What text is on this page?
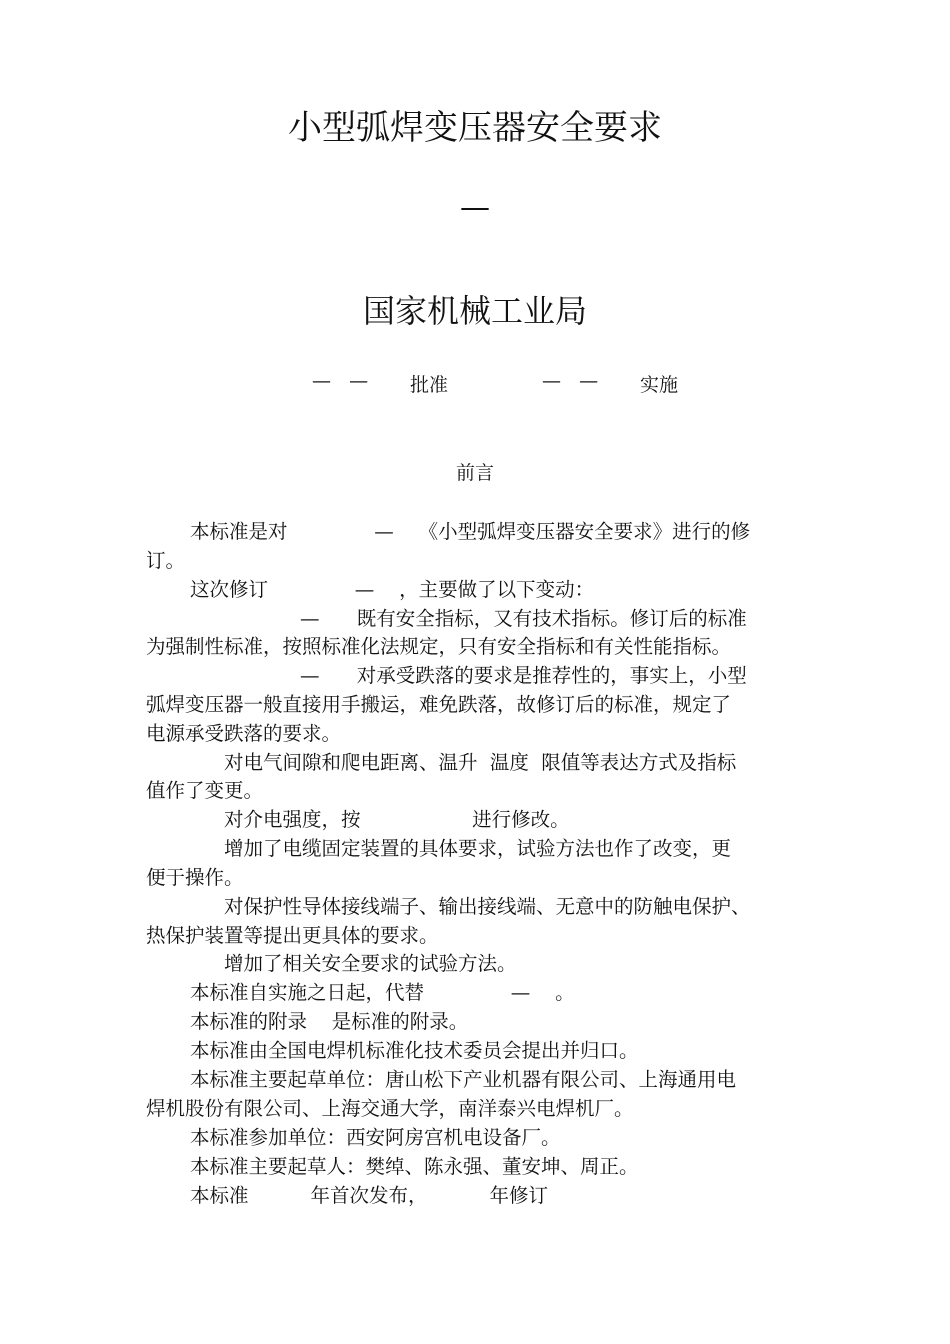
小型弧焊变压器安全要求
—
国家机械工业局
—   — 批准	—   — 实施
前言
本标准是对              —    《小型弧焊变压器安全要求》进行的修
订。
这次修订              —    ，主要做了以下变动：
—      既有安全指标，又有技术指标。修订后的标准
为强制性标准，按照标准化法规定，只有安全指标和有关性能指标。
—      对承受跌落的要求是推荐性的，事实上，小型
弧焊变压器一般直接用手搬运，难免跌落，故修订后的标准，规定了
电源承受跌落的要求。
对电气间隙和爬电距离、温升  温度  限值等表达方式及指标
值作了变更。
对介电强度，按                  进行修改。
增加了电缆固定装置的具体要求，试验方法也作了改变，更
便于操作。
对保护性导体接线端子、输出接线端、无意中的防触电保护、
热保护装置等提出更具体的要求。
增加了相关安全要求的试验方法。
本标准自实施之日起，代替              —    。
本标准的附录    是标准的附录。
本标准由全国电焊机标准化技术委员会提出并归口。
本标准主要起草单位：唐山松下产业机器有限公司、上海通用电
焊机股份有限公司、上海交通大学，南洋泰兴电焊机厂。
本标准参加单位：西安阿房宫机电设备厂。
本标准主要起草人：樊绰、陈永强、董安坤、周正。
本标准          年首次发布，          年修订
